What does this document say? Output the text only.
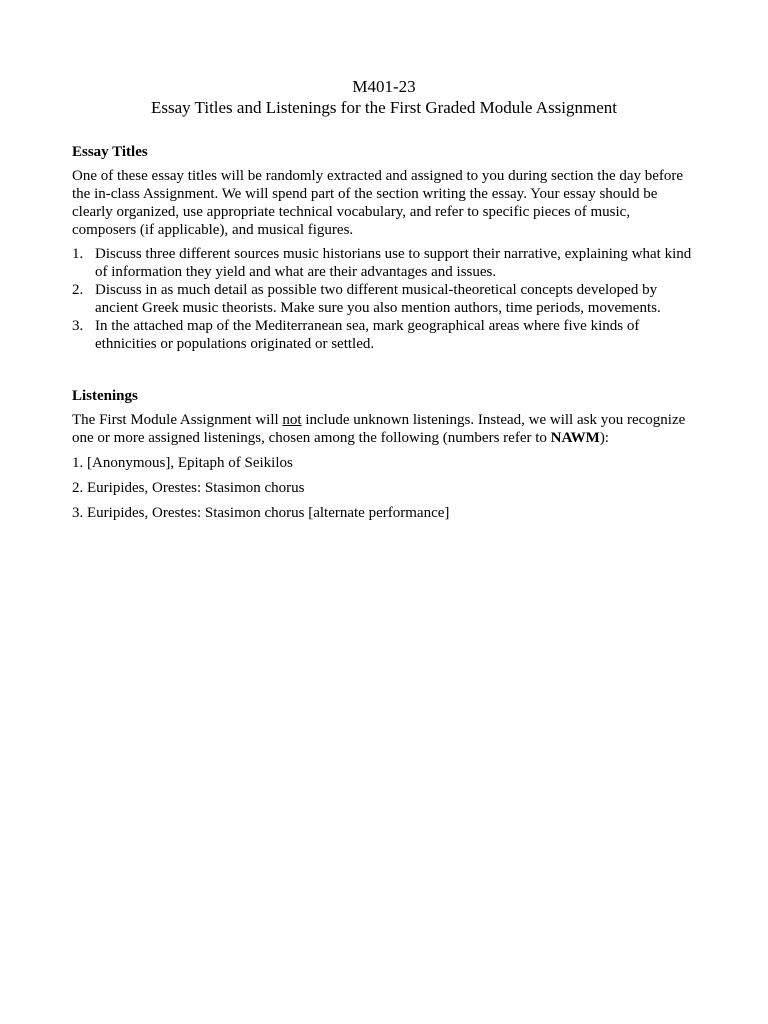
M401-23
Essay Titles and Listenings for the First Graded Module Assignment
Essay Titles
One of these essay titles will be randomly extracted and assigned to you during section the day before the in-class Assignment. We will spend part of the section writing the essay. Your essay should be clearly organized, use appropriate technical vocabulary, and refer to specific pieces of music, composers (if applicable), and musical figures.
1. Discuss three different sources music historians use to support their narrative, explaining what kind of information they yield and what are their advantages and issues.
2. Discuss in as much detail as possible two different musical-theoretical concepts developed by ancient Greek music theorists. Make sure you also mention authors, time periods, movements.
3. In the attached map of the Mediterranean sea, mark geographical areas where five kinds of ethnicities or populations originated or settled.
Listenings
The First Module Assignment will not include unknown listenings. Instead, we will ask you recognize one or more assigned listenings, chosen among the following (numbers refer to NAWM):
1. [Anonymous], Epitaph of Seikilos
2. Euripides, Orestes: Stasimon chorus
3. Euripides, Orestes: Stasimon chorus [alternate performance]
